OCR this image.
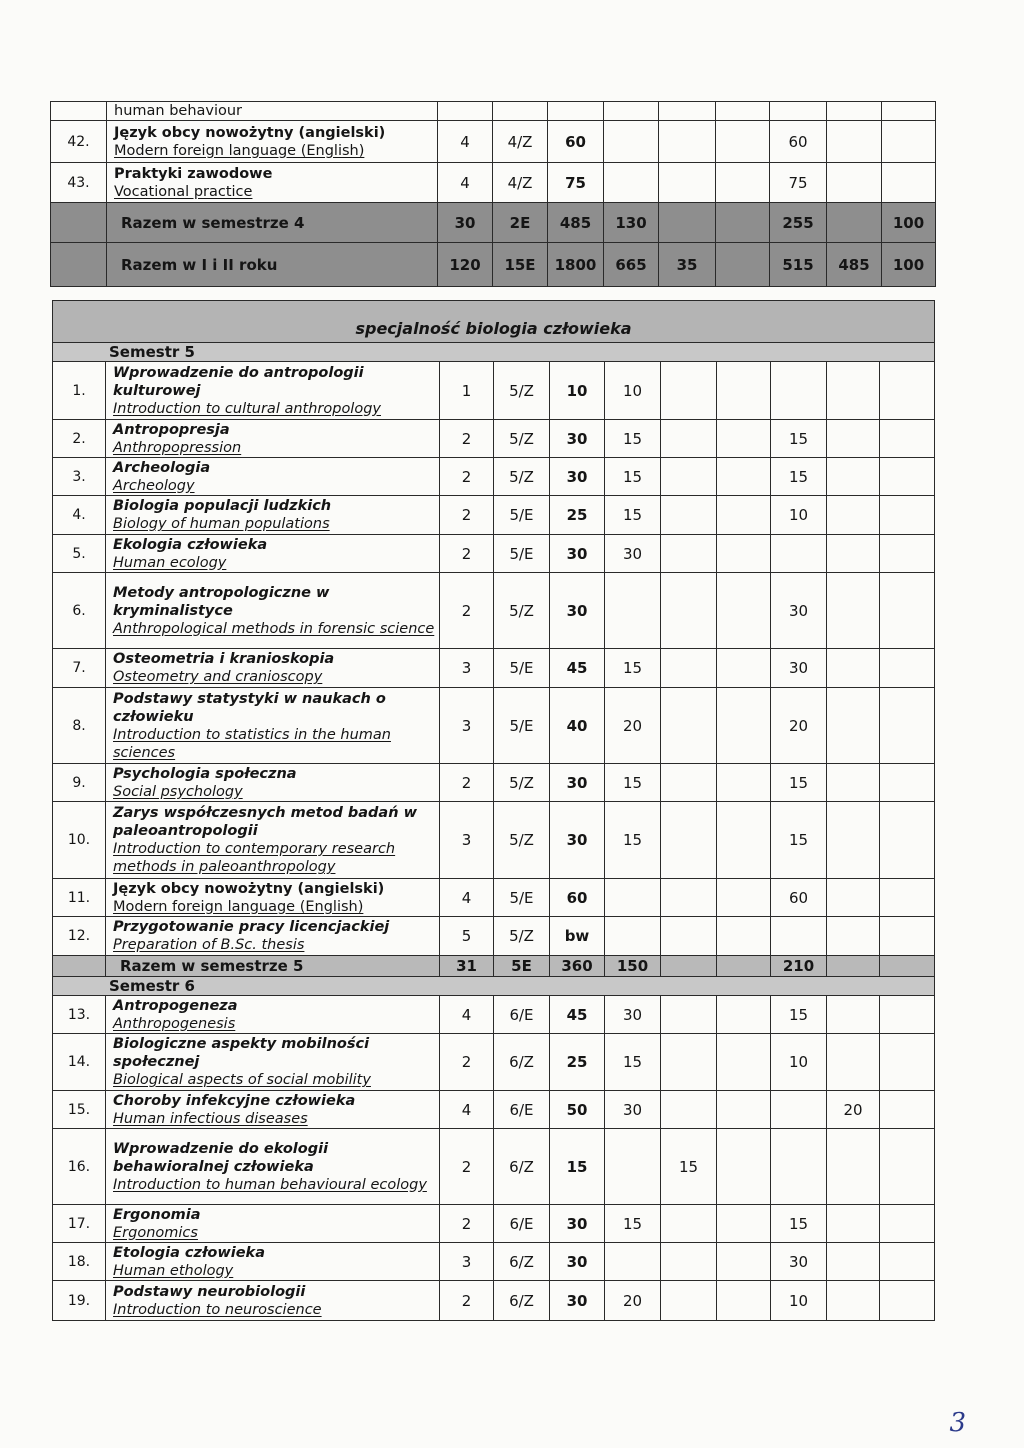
	human behaviour									
42.	Język obcy nowożytny (angielski)
Modern foreign language (English)	4	4/Z	60				60		
43.	Praktyki zawodowe
Vocational practice	4	4/Z	75				75		
	Razem w semestrze 4	30	2E	485	130			255		100
	Razem w I i II roku	120	15E	1800	665	35		515	485	100
specjalność biologia człowieka										
Semestr 5										
1.	Wprowadzenie do antropologii kulturowej
Introduction to cultural anthropology	1	5/Z	10	10					
2.	Antropopresja
Anthropopression	2	5/Z	30	15			15		
3.	Archeologia
Archeology	2	5/Z	30	15			15		
4.	Biologia populacji ludzkich
Biology of human populations	2	5/E	25	15			10		
5.	Ekologia człowieka
Human ecology	2	5/E	30	30					
6.	Metody antropologiczne w kryminalistyce
Anthropological methods in forensic science	2	5/Z	30				30		
7.	Osteometria i kranioskopia
Osteometry and cranioscopy	3	5/E	45	15			30		
8.	Podstawy statystyki w naukach o człowieku
Introduction to statistics in the human sciences	3	5/E	40	20			20		
9.	Psychologia społeczna
Social psychology	2	5/Z	30	15			15		
10.	Zarys współczesnych metod badań w paleoantropologii
Introduction to contemporary research methods in paleoanthropology	3	5/Z	30	15			15		
11.	Język obcy nowożytny (angielski)
Modern foreign language (English)	4	5/E	60				60		
12.	Przygotowanie pracy licencjackiej
Preparation of B.Sc. thesis	5	5/Z	bw						
	Razem w semestrze 5	31	5E	360	150			210		
Semestr 6										
13.	Antropogeneza
Anthropogenesis	4	6/E	45	30			15		
14.	Biologiczne aspekty mobilności społecznej
Biological aspects of social mobility	2	6/Z	25	15			10		
15.	Choroby infekcyjne człowieka
Human infectious diseases	4	6/E	50	30				20	
16.	Wprowadzenie do ekologii behawioralnej człowieka
Introduction to human behavioural ecology	2	6/Z	15		15				
17.	Ergonomia
Ergonomics	2	6/E	30	15			15		
18.	Etologia człowieka
Human ethology	3	6/Z	30				30		
19.	Podstawy neurobiologii
Introduction to neuroscience	2	6/Z	30	20			10		
3
